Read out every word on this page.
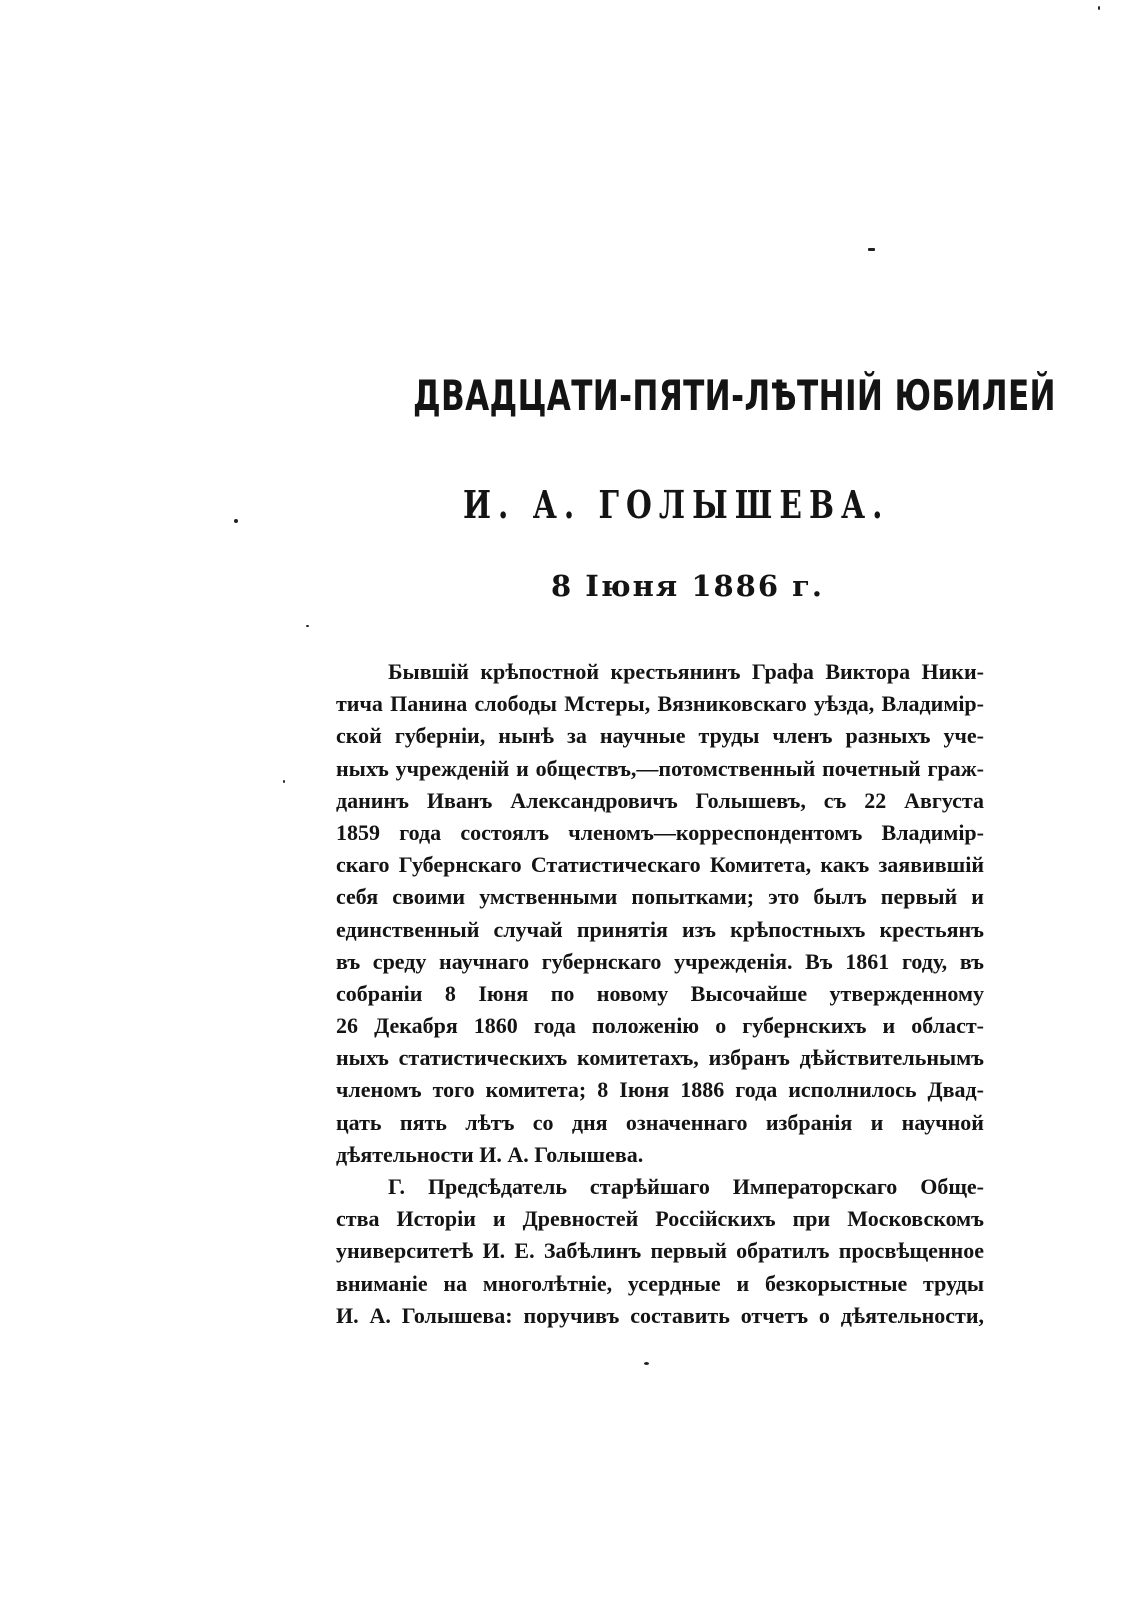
ДВАДЦАТИ-ПЯТИ-ЛѢТНІЙ ЮБИЛЕЙ
И. А. ГОЛЫШЕВА.

8 Іюня 1886 г.

Бывшій крѣпостной крестьянинъ Графа Виктора Ники-
тича Панина слободы Мстеры, Вязниковскаго уѣзда, Владимір-
ской губерніи, нынѣ за научные труды членъ разныхъ уче-
ныхъ учрежденій и обществъ,—потомственный почетный граж-
данинъ Иванъ Александровичъ Голышевъ, съ 22 Августа
1859 года состоялъ членомъ—корреспондентомъ Владимір-
скаго Губернскаго Статистическаго Комитета, какъ заявившій
себя своими умственными попытками; это былъ первый и
единственный случай принятія изъ крѣпостныхъ крестьянъ
въ среду научнаго губернскаго учрежденія. Въ 1861 году, въ
собраніи 8 Іюня по новому Высочайше утвержденному
26 Декабря 1860 года положенію о губернскихъ и област-
ныхъ статистическихъ комитетахъ, избранъ дѣйствительнымъ
членомъ того комитета; 8 Іюня 1886 года исполнилось Двад-
цать пять лѣтъ со дня означеннаго избранія и научной
дѣятельности И. А. Голышева.
Г. Предсѣдатель старѣйшаго Императорскаго Обще-
ства Исторіи и Древностей Россійскихъ при Московскомъ
университетѣ И. Е. Забѣлинъ первый обратилъ просвѣщенное
вниманіе на многолѣтніе, усердные и безкорыстные труды
И. А. Голышева: поручивъ составить отчетъ о дѣятельности,
